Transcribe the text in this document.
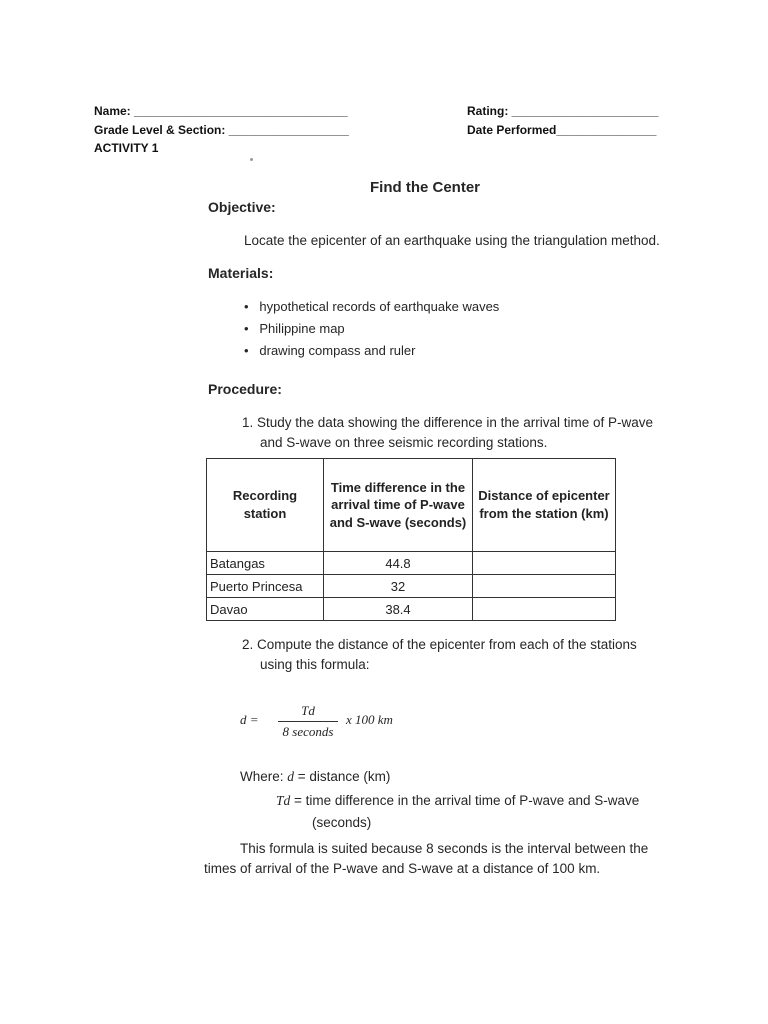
Name: ________________________________	Rating: ______________________
Grade Level & Section: __________________	Date Performed_______________
ACTIVITY 1
Find the Center
Objective:
Locate the epicenter of an earthquake using the triangulation method.
Materials:
•   hypothetical records of earthquake waves
•   Philippine map
•   drawing compass and ruler
Procedure:
1. Study the data showing the difference in the arrival time of P-wave
and S-wave on three seismic recording stations.
Recording station	Time difference in the arrival time of P-wave and S-wave (seconds)	Distance of epicenter from the station (km)
Batangas	44.8	
Puerto Princesa	32	
Davao	38.4	
2. Compute the distance of the epicenter from each of the stations
using this formula:
d =
Td
8 seconds
x 100 km
Where: d = distance (km)
Td = time difference in the arrival time of P-wave and S-wave
(seconds)
This formula is suited because 8 seconds is the interval between the
times of arrival of the P-wave and S-wave at a distance of 100 km.
